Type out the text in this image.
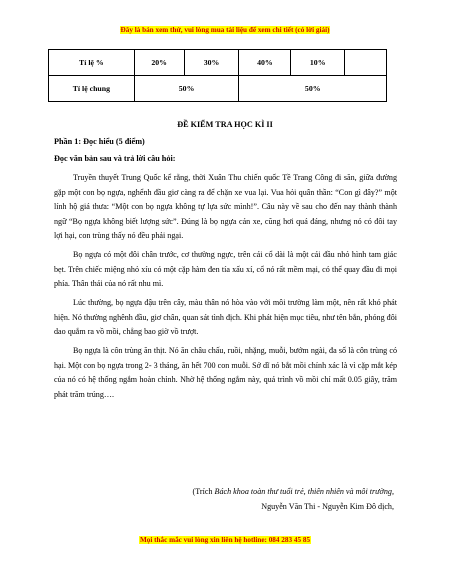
Đây là bản xem thử, vui lòng mua tài liệu để xem chi tiết (có lời giải)
Tỉ lệ %	20%	30%	40%	10%	
Tỉ lệ chung	50%		50%		
ĐỀ KIỂM TRA HỌC KÌ II
Phần 1: Đọc hiểu (5 điểm)
Đọc văn bản sau và trả lời câu hỏi:

Truyền thuyết Trung Quốc kể rằng, thời Xuân Thu chiến quốc Tề Trang Công đi săn, giữa đường gặp một con bọ ngựa, nghểnh đầu giơ càng ra để chặn xe vua lại. Vua hỏi quân thần: “Con gì đây?” một lính hộ giá thưa: “Một con bọ ngựa không tự lựa sức mình!”. Câu này về sau cho đến nay thành thành ngữ “Bọ ngựa không biết lượng sức”. Đúng là bọ ngựa cản xe, cũng hơi quá đáng, nhưng nó có đôi tay lợi hại, con trùng thấy nó đều phải ngại.

Bọ ngựa có một đôi chân trước, cơ thường ngực, trên cái cổ dài là một cái đầu nhỏ hình tam giác bẹt. Trên chiếc miệng nhỏ xíu có một cặp hàm đen tía xấu xí, cổ nó rất mềm mại, có thể quay đầu đi mọi phía. Thân thái của nó rất nhu mì.

Lúc thường, bọ ngựa đậu trên cây, màu thân nó hòa vào với môi trường làm một, nên rất khó phát hiện. Nó thường nghênh đầu, giơ chân, quan sát tình địch. Khi phát hiện mục tiêu, như tên bắn, phóng đôi dao quắm ra vồ mồi, chẳng bao giờ vồ trượt.

Bọ ngựa là côn trùng ăn thịt. Nó ăn châu chấu, ruồi, nhặng, muỗi, bướm ngài, đa số là côn trùng có hại. Một con bọ ngựa trong 2- 3 tháng, ăn hết 700 con muỗi. Sở dĩ nó bắt mồi chính xác là vì cặp mắt kép của nó có hệ thống ngắm hoàn chỉnh. Nhờ hệ thống ngắm này, quá trình vồ mồi chỉ mất 0.05 giây, trăm phát trăm trúng….

(Trích Bách khoa toàn thư tuổi trẻ, thiên nhiên và môi trường,
Nguyễn Văn Thi - Nguyễn Kim Đô dịch,
Mọi thắc mắc vui lòng xin liên hệ hotline: 084 283 45 85
